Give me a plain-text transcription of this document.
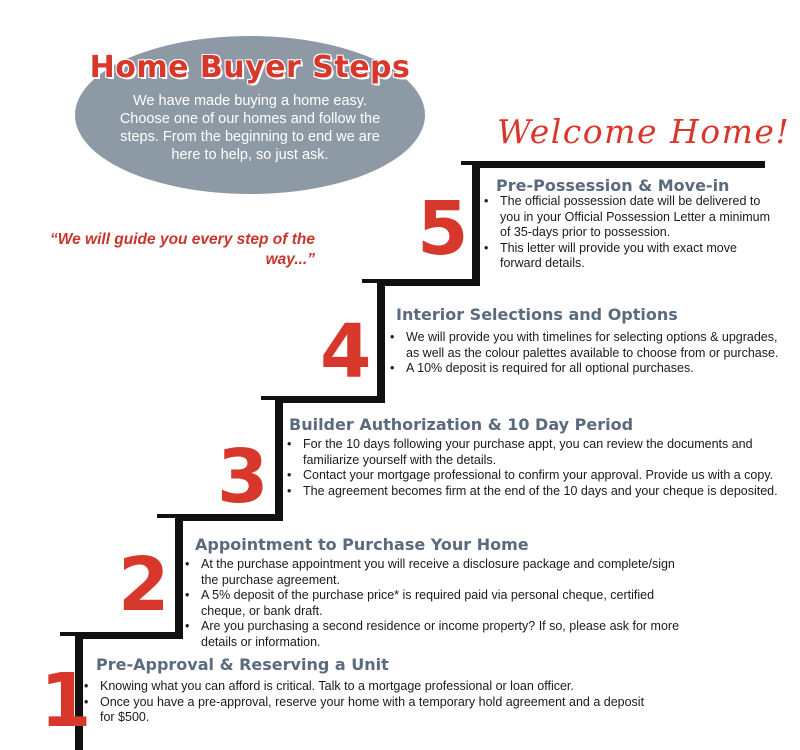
Home Buyer Steps
We have made buying a home easy. Choose one of our homes and follow the steps. From the beginning to end we are here to help, so just ask.
Welcome Home!
“We will guide you every step of the way...” 5
4
3
2
1
Pre-Possession & Move-in
• The official possession date will be delivered to you in your Official Possession Letter a minimum of 35-days prior to possession.
• This letter will provide you with exact move forward details.
Interior Selections and Options
• We will provide you with timelines for selecting options & upgrades, as well as the colour palettes available to choose from or purchase.
• A 10% deposit is required for all optional purchases.
Builder Authorization & 10 Day Period
• For the 10 days following your purchase appt, you can review the documents and familiarize yourself with the details.
• Contact your mortgage professional to confirm your approval. Provide us with a copy.
• The agreement becomes firm at the end of the 10 days and your cheque is deposited.
Appointment to Purchase Your Home
• At the purchase appointment you will receive a disclosure package and complete/sign the purchase agreement.
• A 5% deposit of the purchase price* is required paid via personal cheque, certified cheque, or bank draft.
• Are you purchasing a second residence or income property? If so, please ask for more details or information.
Pre-Approval & Reserving a Unit
• Knowing what you can afford is critical. Talk to a mortgage professional or loan officer.
• Once you have a pre-approval, reserve your home with a temporary hold agreement and a deposit for $500.
